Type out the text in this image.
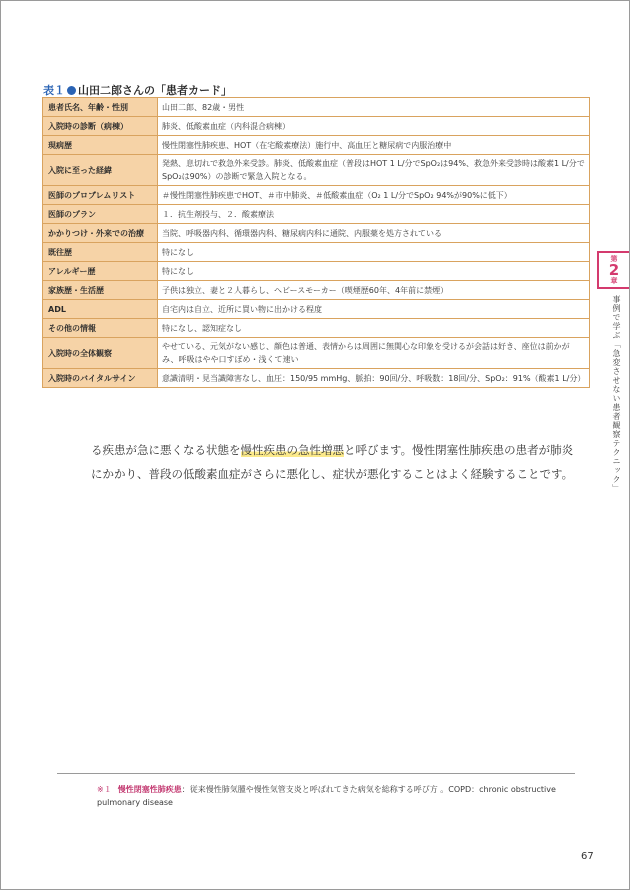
表１ 山田二郎さんの「患者カード」
患者氏名、年齢・性別	山田二郎、82歳・男性
入院時の診断（病棟）	肺炎、低酸素血症（内科混合病棟）
現病歴	慢性閉塞性肺疾患、HOT（在宅酸素療法）施行中、高血圧と糖尿病で内服治療中
入院に至った経緯	発熱、息切れで救急外来受診。肺炎、低酸素血症（普段はHOT 1 L/分でSpO₂は94%、救急外来受診時は酸素1 L/分でSpO₂は90%）の診断で緊急入院となる。
医師のプロブレムリスト	＃慢性閉塞性肺疾患でHOT、＃市中肺炎、＃低酸素血症（O₂ 1 L/分でSpO₂ 94%が90%に低下）
医師のプラン	１．抗生剤投与、２．酸素療法
かかりつけ・外来での治療	当院、呼吸器内科、循環器内科、糖尿病内科に通院、内服薬を処方されている
既往歴	特になし
アレルギー歴	特になし
家族歴・生活歴	子供は独立、妻と２人暮らし、ヘビースモーカー（喫煙歴60年、4年前に禁煙）
ADL	自宅内は自立、近所に買い物に出かける程度
その他の情報	特になし、認知症なし
入院時の全体観察	やせている、元気がない感じ、顔色は普通、表情からは周囲に無関心な印象を受けるが会話は好き、座位は前かがみ、呼吸はやや口すぼめ・浅くて速い
入院時のバイタルサイン	意識清明・見当識障害なし、血圧：150/95 mmHg、脈拍：90回/分、呼吸数：18回/分、SpO₂：91%（酸素1 L/分）

る疾患が急に悪くなる状態を慢性疾患の急性増悪と呼びます。慢性閉塞性肺疾患の患者が肺炎にかかり、普段の低酸素血症がさらに悪化し、症状が悪化することはよく経験することです。

第
2
章
事例で学ぶ「急変させない患者観察テクニック」
※１ 慢性閉塞性肺疾患：従来慢性肺気腫や慢性気管支炎と呼ばれてきた病気を総称する呼び方 。COPD：chronic obstructive pulmonary disease
67
